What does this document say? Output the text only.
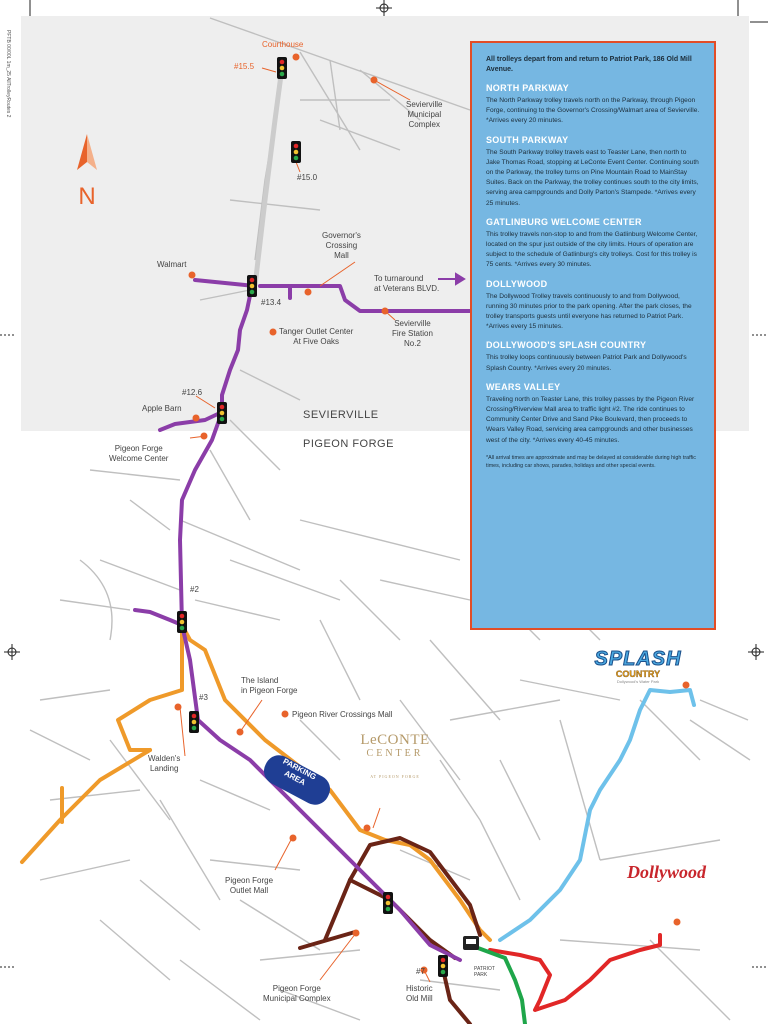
N
PFTB 00/00L 1m_25 AllTrolleyRoutes 2	Courthouse
#15.5
#15.0
#13.4
#12.6
#2
#3
#7
Sevierville
Municipal
Complex
Governor's
Crossing
Mall
Walmart
To turnaround
at Veterans BLVD.
Sevierville
Fire Station
No.2
Tanger Outlet Center
At Five Oaks
Apple Barn
Pigeon Forge
Welcome Center
SEVIERVILLE
PIGEON FORGE
The Island
in Pigeon Forge
Pigeon River Crossings Mall
Walden's
Landing	PARKING
AREA
Pigeon Forge
Outlet Mall
Pigeon Forge
Municipal Complex
Historic
Old Mill
PATRIOT
PARK
LeCONTE
CENTER
AT PIGEON FORGE
SPLASH
COUNTRY
Dollywood's Water Park
Dollywood
All trolleys depart from and return to Patriot Park, 186 Old Mill Avenue.
NORTH PARKWAY

The North Parkway trolley travels north on the Parkway, through Pigeon Forge, continuing to the Governor's Crossing/Walmart area of Sevierville. *Arrives every 20 minutes.

SOUTH PARKWAY

The South Parkway trolley travels east to Teaster Lane, then north to Jake Thomas Road, stopping at LeConte Event Center. Continuing south on the Parkway, the trolley turns on Pine Mountain Road to MainStay Suites. Back on the Parkway, the trolley continues south to the city limits, serving area campgrounds and Dolly Parton's Stampede. *Arrives every 25 minutes.

GATLINBURG WELCOME CENTER

This trolley travels non-stop to and from the Gatlinburg Welcome Center, located on the spur just outside of the city limits. Hours of operation are subject to the schedule of Gatlinburg's city trolleys. Cost for this trolley is 75 cents. *Arrives every 30 minutes.

DOLLYWOOD

The Dollywood Trolley travels continuously to and from Dollywood, running 30 minutes prior to the park opening. After the park closes, the trolley transports guests until everyone has returned to Patriot Park. *Arrives every 15 minutes.

DOLLYWOOD'S SPLASH COUNTRY

This trolley loops continuously between Patriot Park and Dollywood's Splash Country. *Arrives every 20 minutes.

WEARS VALLEY

Traveling north on Teaster Lane, this trolley passes by the Pigeon River Crossing/Riverview Mall area to traffic light #2. The ride continues to Community Center Drive and Sand Pike Boulevard, then proceeds to Wears Valley Road, servicing area campgrounds and other businesses west of the city. *Arrives every 40-45 minutes.

*All arrival times are approximate and may be delayed at considerable during high traffic times, including car shows, parades, holidays and other special events.
